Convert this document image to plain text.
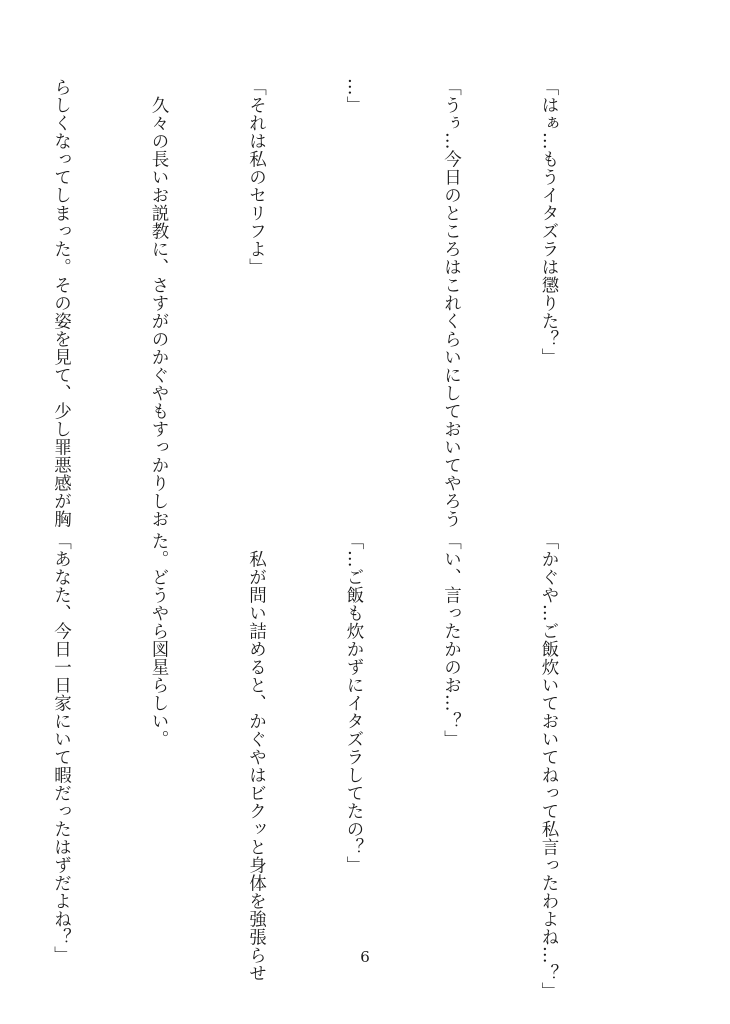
「はぁ…もうイタズラは懲りた？」

「うぅ…今日のところはこれくらいにしておいてやろう

…」

「それは私のセリフよ」

　久々の長いお説教に、さすがのかぐやもすっかりしお

らしくなってしまった。その姿を見て、少し罪悪感が胸

「かぐや…ご飯炊いておいてねって私言ったわよね…？」

「い、言ったかのお…？」

「…ご飯も炊かずにイタズラしてたの？」

　私が問い詰めると、かぐやはビクッと身体を強張らせ

た。どうやら図星らしい。

「あなた、今日一日家にいて暇だったはずだよね？」

	6
